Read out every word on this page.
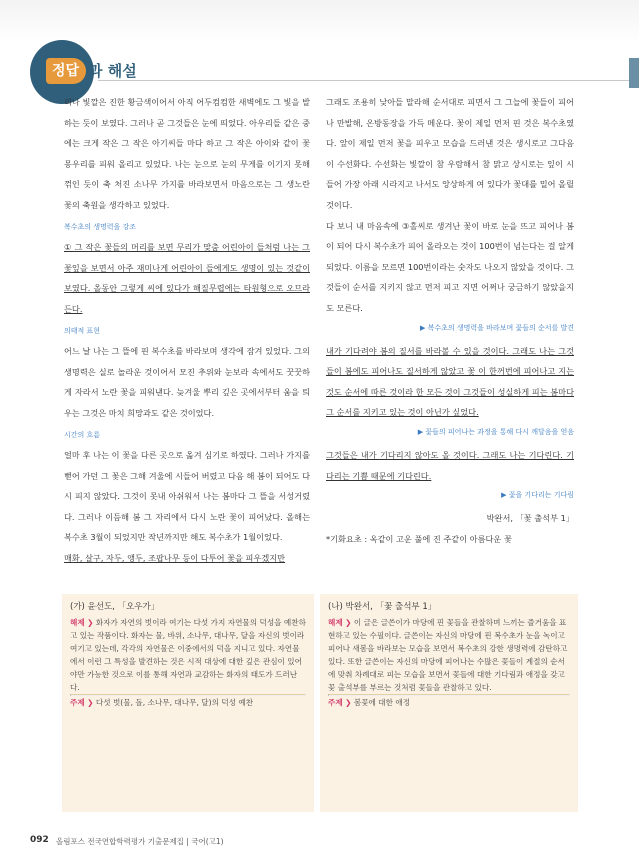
정답 과 해설

리나 빛깔은 진한 황금색이어서 아직 어두컴컴한 새벽에도 그 빛을 발하는 듯이 보였다. 그러나 곧 그것들은 눈에 띄었다. 아우리들 같은 중에는 크게 작은 그 작은 아기씨들 마다 하고 그 작은 아이와 같이 꽃 몽우리를 피워 올리고 있었다. 나는 눈으로 눈의 무게를 이기지 못해 꺾인 듯이 축 처진 소나무 가지를 바라보면서 마음으로는 그 생노란 꽃의 축원을 생각하고 있었다.

복수초의 생명력을 강조

① 그 작은 꽃들의 머리를 보면 무리가 맞춤 어린아이 들처럼 나는 그 꽃잎을 보면서 아주 재미나게 어린아이 들에게도 생명이 있는 것같이 보였다. 올동안 그렇게 씨에 있다가 해질무렵에는 타원형으로 오므라든다.

의태적 표현

어느 날 나는 그 뜰에 핀 복수초를 바라보며 생각에 잠겨 있었다. 그의 생명력은 실로 놀라운 것이어서 모진 추위와 눈보라 속에서도 꿋꿋하게 자라서 노란 꽃을 피워낸다. 늦겨울 뿌리 깊은 곳에서부터 움을 틔우는 그것은 마치 희망과도 같은 것이었다.

시간의 흐름

얼마 후 나는 이 꽃을 다른 곳으로 옮겨 심기로 하였다. 그러나 가지를 뻗어 가던 그 꽃은 그해 겨울에 시들어 버렸고 다음 해 봄이 되어도 다시 피지 않았다. 그것이 못내 아쉬워서 나는 봄마다 그 뜰을 서성거렸다. 그러나 이듬해 봄 그 자리에서 다시 노란 꽃이 피어났다. 올해는 복수초 3월이 되었지만 작년까지만 해도 복수초가 1월이었다.

매화, 살구, 자두, 앵두, 조팝나무 등이 다투어 꽃을 피우겠지만

그래도 조용히 낮아들 말라해 순서대로 피면서 그 그늘에 꽃들이 피어나 만발해, 온방동장을 가득 메운다. 꽃이 제일 먼저 핀 것은 복수초였다. 앞이 제일 먼저 꽃을 피우고 모습을 드러낸 것은 생시로고 그다음이 수선화다. 수선화는 빛깔이 참 우람해서 참 맑고 상시로는 잎이 시들어 가장 아래 시라지고 나서도 앙상하게 여 있다가 꽃대를 밀어 올릴 것이다.

다 보니 내 마음속에 ③홀씨로 생겨난 꽃이 바로 눈을 뜨고 피어나 봄이 되어 다시 복수초가 피어 올라오는 것이 100번이 넘는다는 걸 알게 되었다. 이름을 모르면 100번이라는 숫자도 나오지 않았을 것이다. 그것들이 순서를 지키지 않고 먼저 피고 지면 어쩌나 궁금하기 않았을지도 모른다.

▶ 복수초의 생명력을 바라보며 꽃들의 순서를 발견

내가 기다려야 봄의 질서를 바라볼 수 있을 것이다. 그래도 나는 그것들이 봄에도 피어나도 질서하게 않았고 꽃 이 한꺼번에 피어나고 지는 것도 순서에 따른 것이라 한 모든 것이 그것들이 성실하게 피는 봄마다 그 순서를 지키고 있는 것이 아닌가 싶었다.

▶ 꽃들의 피어나는 과정을 통해 다시 깨달음을 얻음

그것들은 내가 기다리지 않아도 올 것이다. 그래도 나는 기다린다. 기다리는 기쁨 때문에 기다린다.

▶ 꽃을 기다리는 기다림

박완서, 「꽃 출석부 1」

*기화요초 : 옥같이 고운 풀에 진 주같이 아름다운 꽃

(가) 윤선도, 「오우가」
해제 ❯ 화자가 자연의 벗이라 여기는 다섯 가지 자연물의 덕성을 예찬하고 있는 작품이다. 화자는 물, 바위, 소나무, 대나무, 달을 자신의 벗이라 여기고 있는데, 각각의 자연물은 이중에서의 덕을 지니고 있다. 자연물에서 이런 그 특성을 발견하는 것은 시적 대상에 대한 깊은 관심이 있어야만 가능한 것으로 이를 통해 자연과 교감하는 화자의 태도가 드러난다.
주제 ❯ 다섯 벗(물, 돌, 소나무, 대나무, 달)의 덕성 예찬
(나) 박완서, 「꽃 출석부 1」
해제 ❯ 이 글은 글쓴이가 마당에 핀 꽃들을 관찰하며 느끼는 즐거움을 표현하고 있는 수필이다. 글쓴이는 자신의 마당에 핀 복수초가 눈을 녹이고 피어나 새봄을 바라보는 모습을 보면서 복수초의 강한 생명력에 감탄하고 있다. 또한 글쓴이는 자신의 마당에 피어나는 수많은 꽃들이 계절의 순서에 맞춰 차례대로 피는 모습을 보면서 꽃들에 대한 기다림과 애정을 갖고 꽃 출석부를 부르는 것처럼 꽃들을 관찰하고 있다.
주제 ❯ 봄꽃에 대한 애정
092 올림포스 전국연합학력평가 기출문제집 | 국어(고1)
